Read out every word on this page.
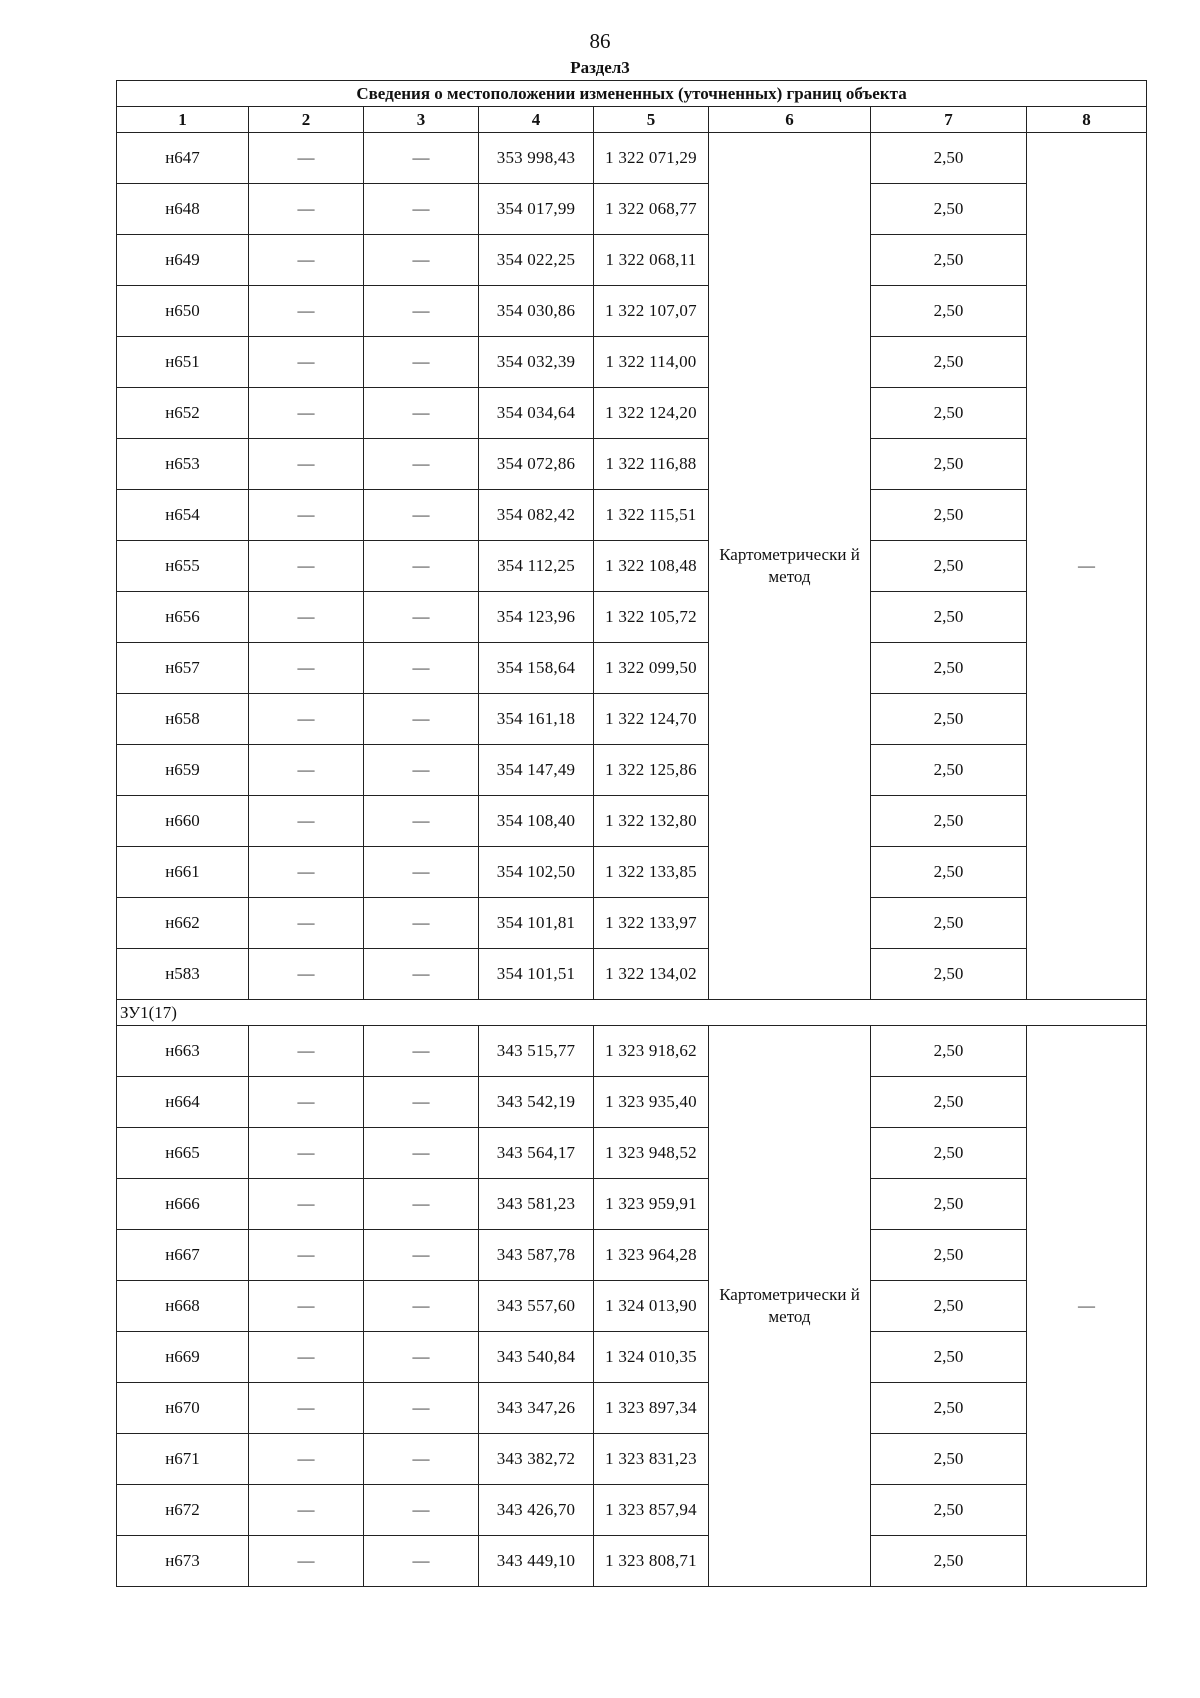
86
Раздел3
Сведения о местоположении измененных (уточненных) границ объекта							
1	2	3	4	5	6	7	8
н647	—	—	353 998,43	1 322 071,29	Картометрически й метод	2,50	—
н648	—	—	354 017,99	1 322 068,77		2,50	
н649	—	—	354 022,25	1 322 068,11		2,50	
н650	—	—	354 030,86	1 322 107,07		2,50	
н651	—	—	354 032,39	1 322 114,00		2,50	
н652	—	—	354 034,64	1 322 124,20		2,50	
н653	—	—	354 072,86	1 322 116,88		2,50	
н654	—	—	354 082,42	1 322 115,51		2,50	
н655	—	—	354 112,25	1 322 108,48		2,50	
н656	—	—	354 123,96	1 322 105,72		2,50	
н657	—	—	354 158,64	1 322 099,50		2,50	
н658	—	—	354 161,18	1 322 124,70		2,50	
н659	—	—	354 147,49	1 322 125,86		2,50	
н660	—	—	354 108,40	1 322 132,80		2,50	
н661	—	—	354 102,50	1 322 133,85		2,50	
н662	—	—	354 101,81	1 322 133,97		2,50	
н583	—	—	354 101,51	1 322 134,02		2,50	
ЗУ1(17)							
н663	—	—	343 515,77	1 323 918,62	Картометрически й метод	2,50	—
н664	—	—	343 542,19	1 323 935,40		2,50	
н665	—	—	343 564,17	1 323 948,52		2,50	
н666	—	—	343 581,23	1 323 959,91		2,50	
н667	—	—	343 587,78	1 323 964,28		2,50	
н668	—	—	343 557,60	1 324 013,90		2,50	
н669	—	—	343 540,84	1 324 010,35		2,50	
н670	—	—	343 347,26	1 323 897,34		2,50	
н671	—	—	343 382,72	1 323 831,23		2,50	
н672	—	—	343 426,70	1 323 857,94		2,50	
н673	—	—	343 449,10	1 323 808,71		2,50	
